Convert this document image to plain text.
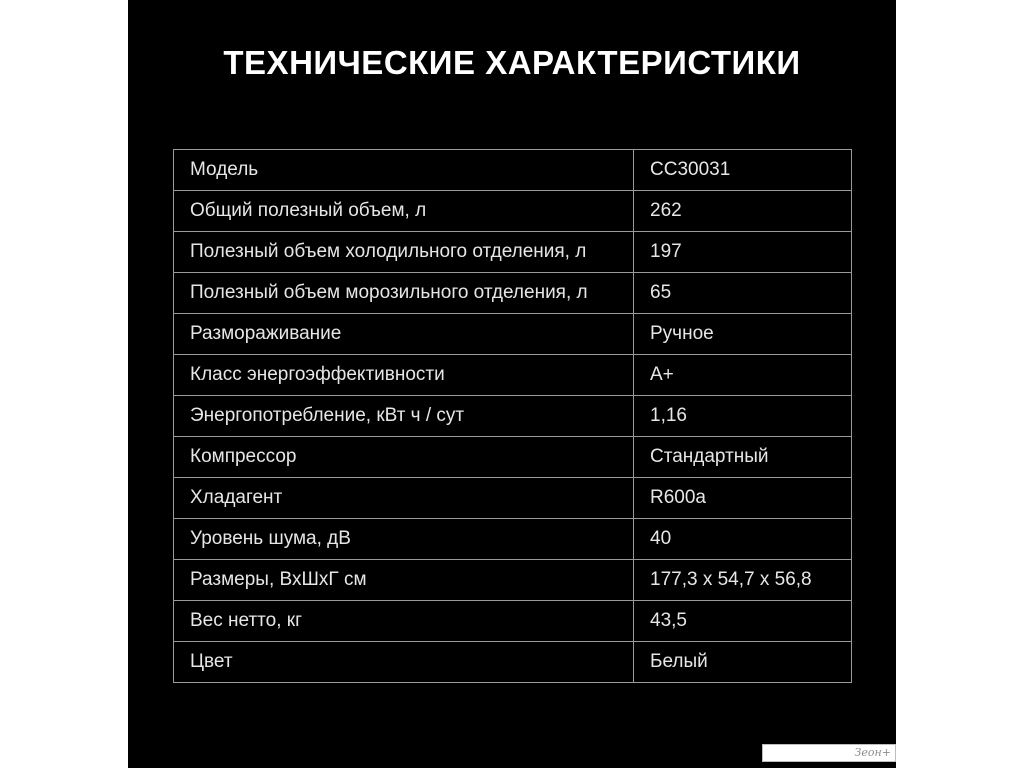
ТЕХНИЧЕСКИЕ ХАРАКТЕРИСТИКИ
Модель	CC30031
Общий полезный объем, л	262
Полезный объем холодильного отделения, л	197
Полезный объем морозильного отделения, л	65
Размораживание	Ручное
Класс энергоэффективности	A+
Энергопотребление, кВт ч / сут	1,16
Компрессор	Стандартный
Хладагент	R600a
Уровень шума, дВ	40
Размеры, ВхШхГ см	177,3 x 54,7 x 56,8
Вес нетто, кг	43,5
Цвет	Белый
Зеон+
